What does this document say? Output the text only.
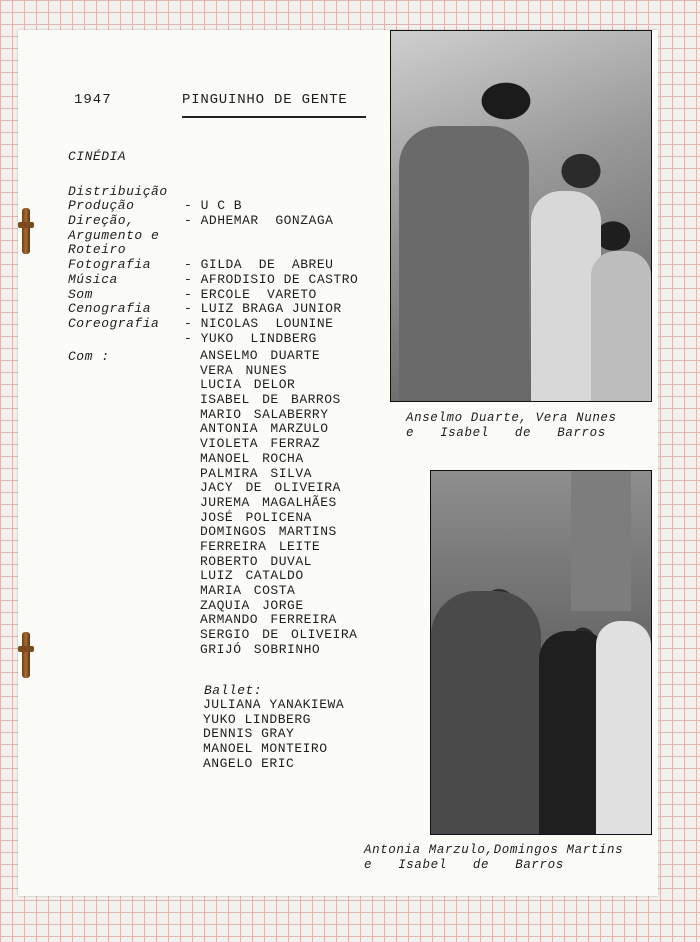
1947	PINGUINHO DE GENTE
CINÉDIA

Distribuição

- U C B

Produção

- ADHEMAR  GONZAGA

Direção,

Argumento e

Roteiro

- GILDA  DE  ABREU

Fotografia

- AFRODISIO DE CASTRO

Música

- ERCOLE  VARETO

Som

- LUIZ BRAGA JUNIOR

Cenografia

- NICOLAS  LOUNINE

Coreografia

- YUKO  LINDBERG

Com :	ANSELMO DUARTE
VERA NUNES
LUCIA DELOR
ISABEL DE BARROS
MARIO SALABERRY
ANTONIA MARZULO
VIOLETA FERRAZ
MANOEL ROCHA
PALMIRA SILVA
JACY DE OLIVEIRA
JUREMA MAGALHÃES
JOSÉ POLICENA
DOMINGOS MARTINS
FERREIRA LEITE
ROBERTO DUVAL
LUIZ CATALDO
MARIA COSTA
ZAQUIA JORGE
ARMANDO FERREIRA
SERGIO DE OLIVEIRA
GRIJÓ SOBRINHO
Ballet:
JULIANA YANAKIEWA
YUKO LINDBERG
DENNIS GRAY
MANOEL MONTEIRO
ANGELO ERIC
Anselmo Duarte, Vera Nunes
e Isabel de Barros
Antonia Marzulo,Domingos Martins
e Isabel de Barros
